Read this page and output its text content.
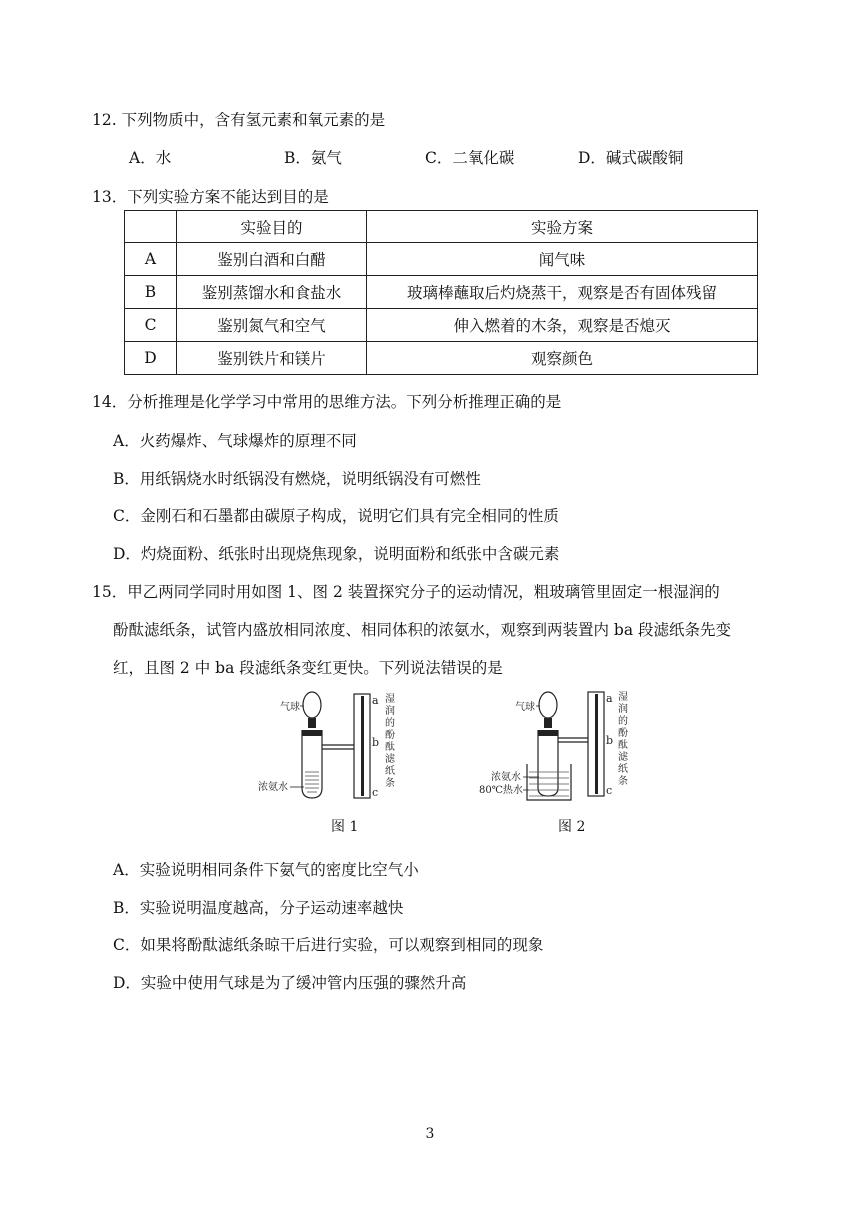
12. 下列物质中，含有氢元素和氧元素的是
A．水	B．氨气	C．二氧化碳	D．碱式碳酸铜
13．下列实验方案不能达到目的是
	实验目的	实验方案
A	鉴别白酒和白醋	闻气味
B	鉴别蒸馏水和食盐水	玻璃棒蘸取后灼烧蒸干，观察是否有固体残留
C	鉴别氮气和空气	伸入燃着的木条，观察是否熄灭
D	鉴别铁片和镁片	观察颜色
14．分析推理是化学学习中常用的思维方法。下列分析推理正确的是
A．火药爆炸、气球爆炸的原理不同
B．用纸锅烧水时纸锅没有燃烧，说明纸锅没有可燃性
C．金刚石和石墨都由碳原子构成，说明它们具有完全相同的性质
D．灼烧面粉、纸张时出现烧焦现象，说明面粉和纸张中含碳元素
15．甲乙两同学同时用如图 1、图 2 装置探究分子的运动情况，粗玻璃管里固定一根湿润的
酚酞滤纸条，试管内盛放相同浓度、相同体积的浓氨水，观察到两装置内 ba 段滤纸条先变
红，且图 2 中 ba 段滤纸条变红更快。下列说法错误的是
气球
浓氨水
a
b
c
湿
润
的
酚
酞
滤
纸
条
图 1
气球
浓氨水
80℃热水
a
b
c
湿
润
的
酚
酞
滤
纸
条
图 2
A．实验说明相同条件下氨气的密度比空气小
B．实验说明温度越高，分子运动速率越快
C．如果将酚酞滤纸条晾干后进行实验，可以观察到相同的现象
D．实验中使用气球是为了缓冲管内压强的骤然升高
3
